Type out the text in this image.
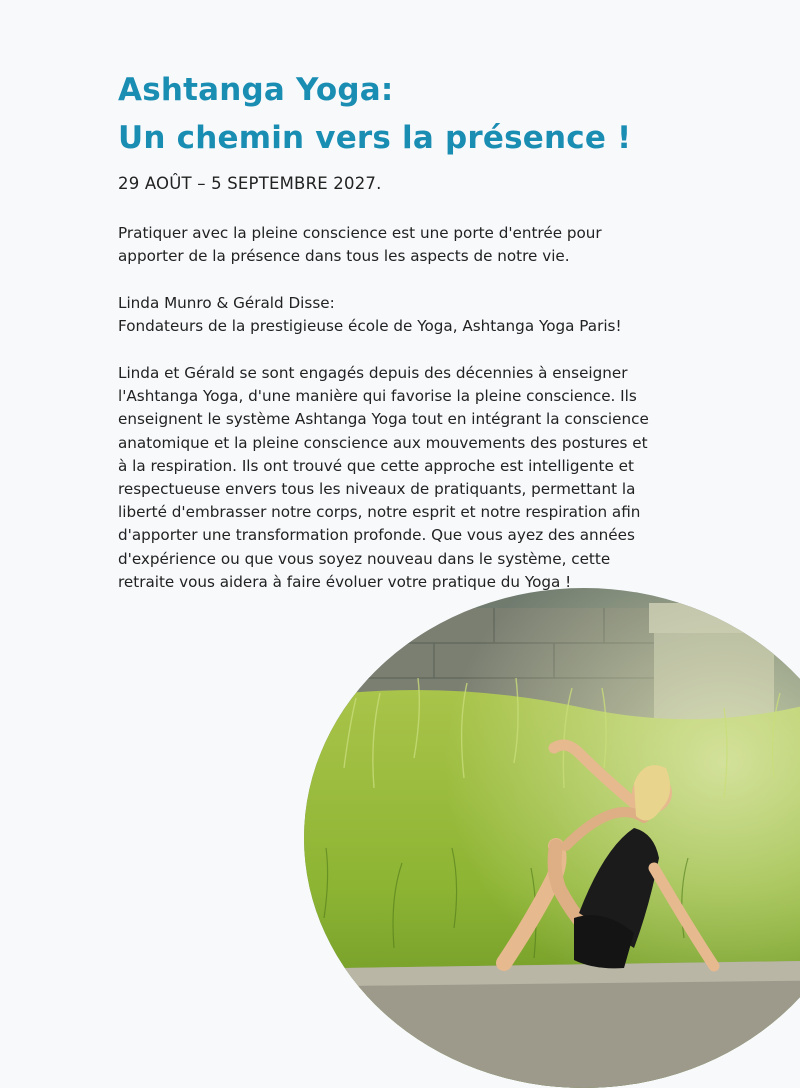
Ashtanga Yoga:
Un chemin vers la présence !
29 AOÛT – 5 SEPTEMBRE 2027.

Pratiquer avec la pleine conscience est une porte d'entrée pour
apporter de la présence dans tous les aspects de notre vie.

Linda Munro & Gérald Disse:
Fondateurs de la prestigieuse école de Yoga, Ashtanga Yoga Paris!

Linda et Gérald se sont engagés depuis des décennies à enseigner
l'Ashtanga Yoga, d'une manière qui favorise la pleine conscience. Ils
enseignent le système Ashtanga Yoga tout en intégrant la conscience
anatomique et la pleine conscience aux mouvements des postures et
à la respiration. Ils ont trouvé que cette approche est intelligente et
respectueuse envers tous les niveaux de pratiquants, permettant la
liberté d'embrasser notre corps, notre esprit et notre respiration afin
d'apporter une transformation profonde. Que vous ayez des années
d'expérience ou que vous soyez nouveau dans le système, cette
retraite vous aidera à faire évoluer votre pratique du Yoga !
